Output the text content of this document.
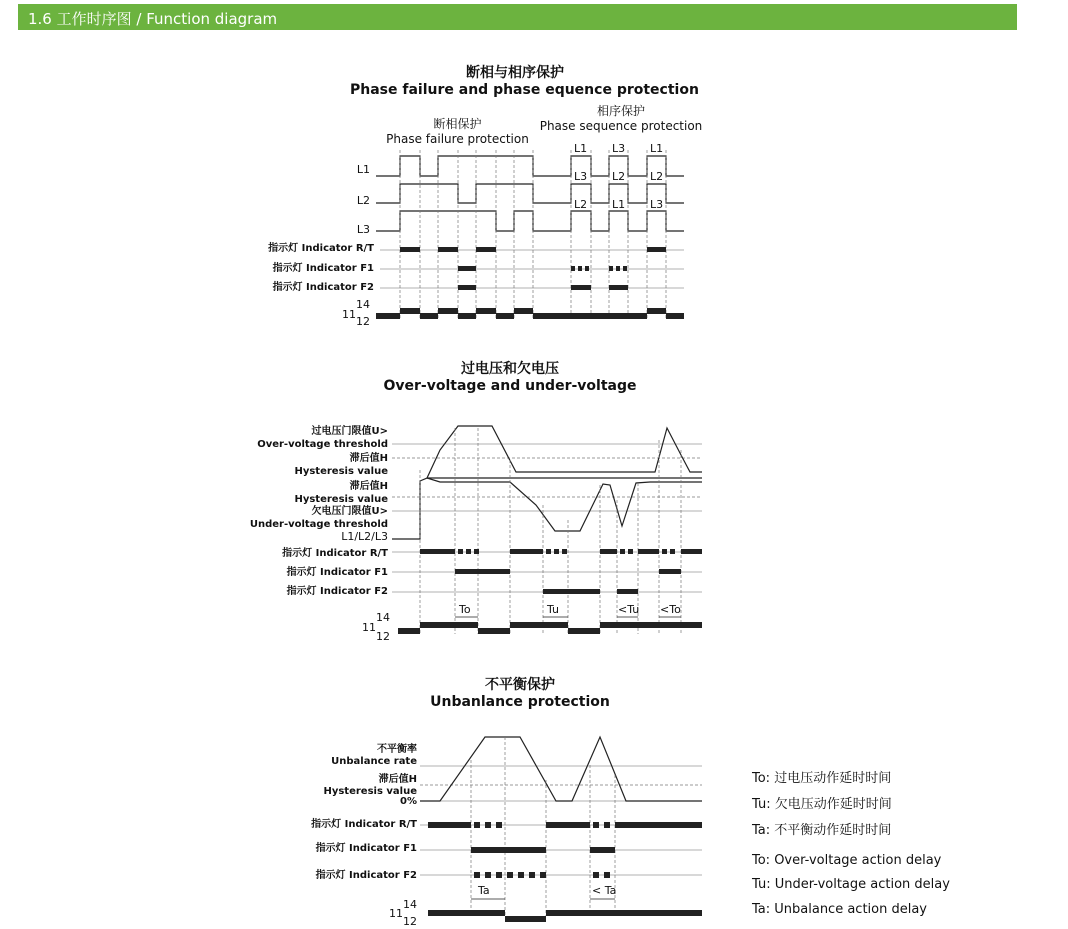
1.6 工作时序图 / Function diagram
断相与相序保护
Phase failure and phase equence protection
断相保护
Phase failure protection
相序保护
Phase sequence protection
L1
L2
L3
指示灯 Indicator R/T
指示灯 Indicator F1
指示灯 Indicator F2
11
14
12
过电压和欠电压
Over-voltage and under-voltage
过电压门限值U>
Over-voltage threshold
滞后值H
Hysteresis value
滞后值H
Hysteresis value
欠电压门限值U>
Under-voltage threshold
L1/L2/L3
指示灯 Indicator R/T
指示灯 Indicator F1
指示灯 Indicator F2
11
14
12
不平衡保护
Unbanlance protection
不平衡率
Unbalance rate
滞后值H
Hysteresis value
0%
指示灯 Indicator R/T
指示灯 Indicator F1
指示灯 Indicator F2
11
14
12
To: 过电压动作延时时间
Tu: 欠电压动作延时时间
Ta: 不平衡动作延时时间
To: Over-voltage action delay
Tu: Under-voltage action delay
Ta: Unbalance action delay
L1
L3
L1
L3
L2 L2
L2 L1 L3
To	Tu	<Tu <To
Ta	< Ta
